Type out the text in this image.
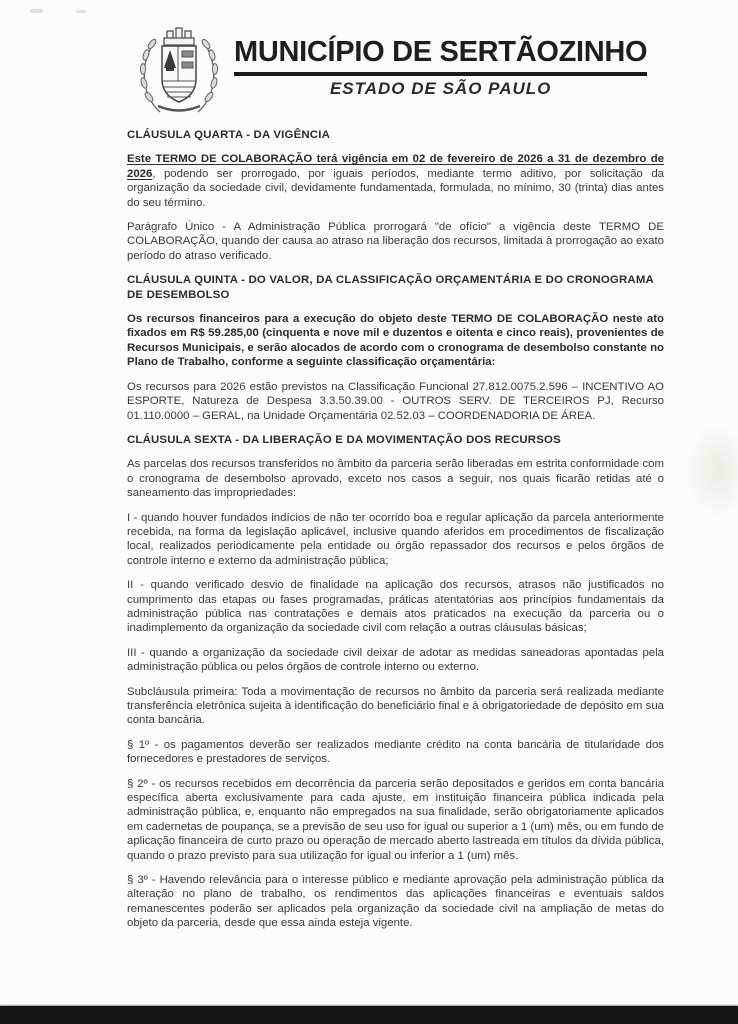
MUNICÍPIO DE SERTÃOZINHO
ESTADO DE SÃO PAULO
CLÁUSULA QUARTA - DA VIGÊNCIA

Este TERMO DE COLABORAÇÃO terá vigência em 02 de fevereiro de 2026 a 31 de dezembro de 2026, podendo ser prorrogado, por iguais períodos, mediante termo aditivo, por solicitação da organização da sociedade civil, devidamente fundamentada, formulada, no mínimo, 30 (trinta) dias antes do seu término.

Parágrafo Único - A Administração Pública prorrogará "de ofício" a vigência deste TERMO DE COLABORAÇÃO, quando der causa ao atraso na liberação dos recursos, limitada à prorrogação ao exato período do atraso verificado.

CLÁUSULA QUINTA - DO VALOR, DA CLASSIFICAÇÃO ORÇAMENTÁRIA E DO CRONOGRAMA DE DESEMBOLSO

Os recursos financeiros para a execução do objeto deste TERMO DE COLABORAÇÃO neste ato fixados em R$ 59.285,00 (cinquenta e nove mil e duzentos e oitenta e cinco reais), provenientes de Recursos Municipais, e serão alocados de acordo com o cronograma de desembolso constante no Plano de Trabalho, conforme a seguinte classificação orçamentária:

Os recursos para 2026 estão previstos na Classificação Funcional 27.812.0075.2.596 – INCENTIVO AO ESPORTE, Natureza de Despesa 3.3.50.39.00 - OUTROS SERV. DE TERCEIROS PJ, Recurso 01.110.0000 – GERAL, na Unidade Orçamentária 02.52.03 – COORDENADORIA DE ÁREA.

CLÁUSULA SEXTA - DA LIBERAÇÃO E DA MOVIMENTAÇÃO DOS RECURSOS

As parcelas dos recursos transferidos no âmbito da parceria serão liberadas em estrita conformidade com o cronograma de desembolso aprovado, exceto nos casos a seguir, nos quais ficarão retidas até o saneamento das impropriedades:

I - quando houver fundados indícios de não ter ocorrido boa e regular aplicação da parcela anteriormente recebida, na forma da legislação aplicável, inclusive quando aferidos em procedimentos de fiscalização local, realizados periodicamente pela entidade ou órgão repassador dos recursos e pelos órgãos de controle interno e externo da administração pública;

II - quando verificado desvio de finalidade na aplicação dos recursos, atrasos não justificados no cumprimento das etapas ou fases programadas, práticas atentatórias aos princípios fundamentais da administração pública nas contratações e demais atos praticados na execução da parceria ou o inadimplemento da organização da sociedade civil com relação a outras cláusulas básicas;

III - quando a organização da sociedade civil deixar de adotar as medidas saneadoras apontadas pela administração pública ou pelos órgãos de controle interno ou externo.

Subcláusula primeira: Toda a movimentação de recursos no âmbito da parceria será realizada mediante transferência eletrônica sujeita à identificação do beneficiário final e à obrigatoriedade de depósito em sua conta bancária.

§ 1º - os pagamentos deverão ser realizados mediante crédito na conta bancária de titularidade dos fornecedores e prestadores de serviços.

§ 2º - os recursos recebidos em decorrência da parceria serão depositados e geridos em conta bancária específica aberta exclusivamente para cada ajuste, em instituição financeira pública indicada pela administração pública, e, enquanto não empregados na sua finalidade, serão obrigatoriamente aplicados em cadernetas de poupança, se a previsão de seu uso for igual ou superior a 1 (um) mês, ou em fundo de aplicação financeira de curto prazo ou operação de mercado aberto lastreada em títulos da dívida pública, quando o prazo previsto para sua utilização for igual ou inferior a 1 (um) mês.

§ 3º - Havendo relevância para o interesse público e mediante aprovação pela administração pública da alteração no plano de trabalho, os rendimentos das aplicações financeiras e eventuais saldos remanescentes poderão ser aplicados pela organização da sociedade civil na ampliação de metas do objeto da parceria, desde que essa ainda esteja vigente.
